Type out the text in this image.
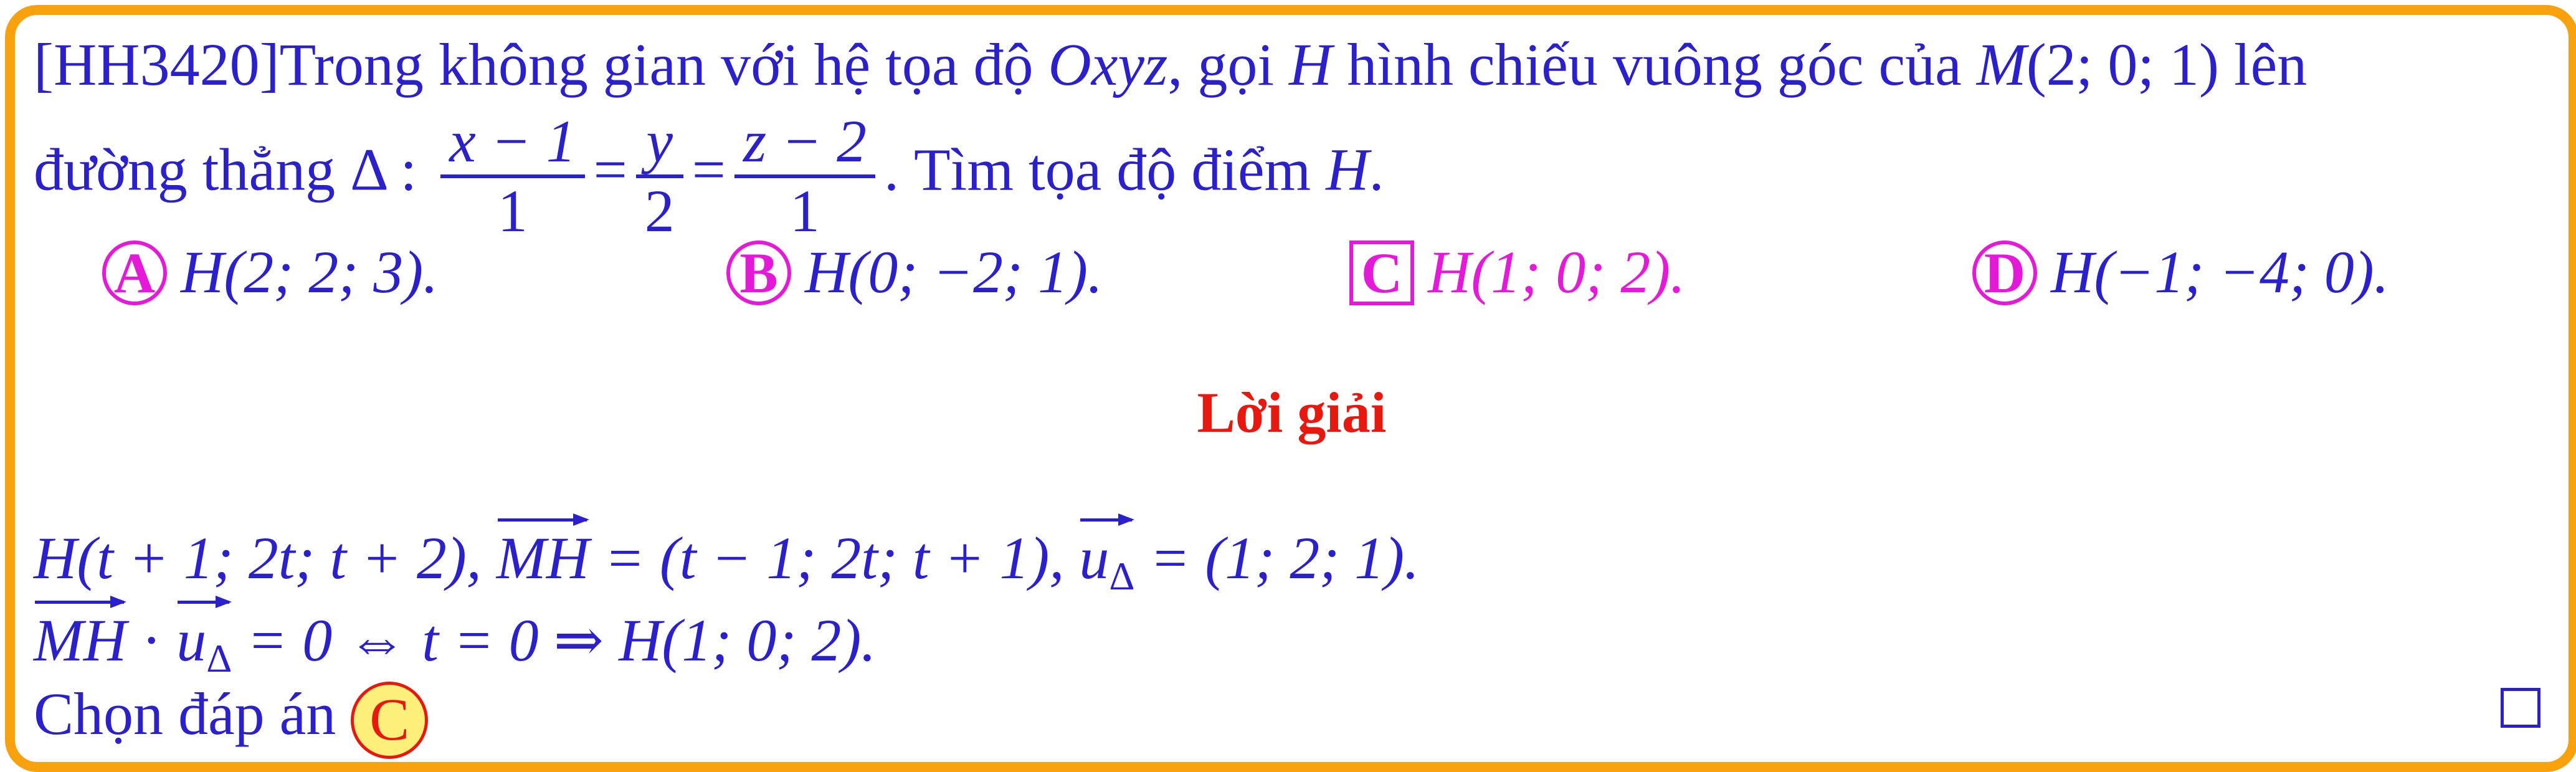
[HH3420]Trong không gian với hệ tọa độ Oxyz, gọi H hình chiếu vuông góc của M(2; 0; 1) lên
đường thẳng Δ : $\frac{x - 1}{1} = \frac{y}{2} = \frac{z - 2}{1}$ . Tìm tọa độ điểm H.
A H(2; 2; 3).	B H(0; −2; 1).	C H(1; 0; 2).	D H(−1; −4; 0).
Lời giải
H(t + 1; 2t; t + 2), MH = (t − 1; 2t; t + 1), $u_\Delta = (1$; 2; 1).
MH · $u_\Delta = 0$ ⇔ t = 0 ⇒ H(1; 0; 2).
Chọn đáp án C
